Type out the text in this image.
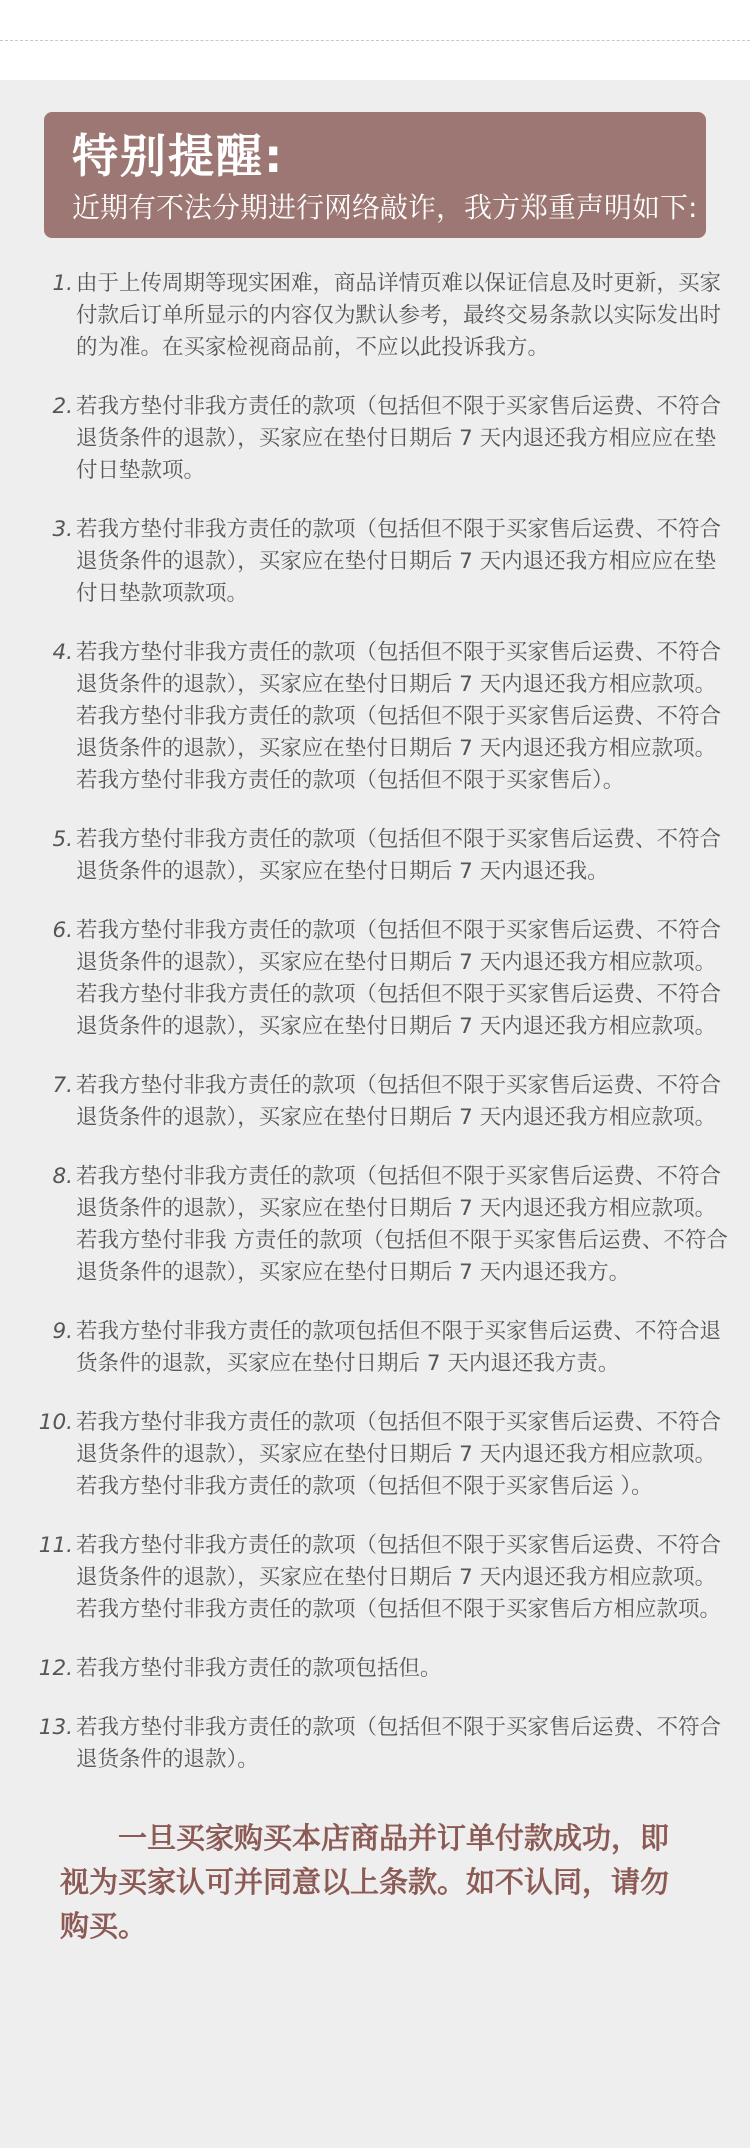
特别提醒:
近期有不法分期进行网络敲诈，我方郑重声明如下:
1. 由于上传周期等现实困难，商品详情页难以保证信息及时更新，买家付款后订单所显示的内容仅为默认参考，最终交易条款以实际发出时的为准。在买家检视商品前，不应以此投诉我方。
2. 若我方垫付非我方责任的款项（包括但不限于买家售后运费、不符合退货条件的退款），买家应在垫付日期后 7 天内退还我方相应应在垫付日垫款项。
3. 若我方垫付非我方责任的款项（包括但不限于买家售后运费、不符合退货条件的退款），买家应在垫付日期后 7 天内退还我方相应应在垫付日垫款项款项。
4. 若我方垫付非我方责任的款项（包括但不限于买家售后运费、不符合退货条件的退款），买家应在垫付日期后 7 天内退还我方相应款项。若我方垫付非我方责任的款项（包括但不限于买家售后运费、不符合退货条件的退款），买家应在垫付日期后 7 天内退还我方相应款项。若我方垫付非我方责任的款项（包括但不限于买家售后）。
5. 若我方垫付非我方责任的款项（包括但不限于买家售后运费、不符合退货条件的退款），买家应在垫付日期后 7 天内退还我。
6. 若我方垫付非我方责任的款项（包括但不限于买家售后运费、不符合退货条件的退款），买家应在垫付日期后 7 天内退还我方相应款项。若我方垫付非我方责任的款项（包括但不限于买家售后运费、不符合退货条件的退款），买家应在垫付日期后 7 天内退还我方相应款项。
7. 若我方垫付非我方责任的款项（包括但不限于买家售后运费、不符合退货条件的退款），买家应在垫付日期后 7 天内退还我方相应款项。
8. 若我方垫付非我方责任的款项（包括但不限于买家售后运费、不符合退货条件的退款），买家应在垫付日期后 7 天内退还我方相应款项。若我方垫付非我 方责任的款项（包括但不限于买家售后运费、不符合退货条件的退款），买家应在垫付日期后 7 天内退还我方。
9. 若我方垫付非我方责任的款项包括但不限于买家售后运费、不符合退货条件的退款，买家应在垫付日期后 7 天内退还我方责。
10. 若我方垫付非我方责任的款项（包括但不限于买家售后运费、不符合退货条件的退款），买家应在垫付日期后 7 天内退还我方相应款项。若我方垫付非我方责任的款项（包括但不限于买家售后运 ）。
11. 若我方垫付非我方责任的款项（包括但不限于买家售后运费、不符合退货条件的退款），买家应在垫付日期后 7 天内退还我方相应款项。若我方垫付非我方责任的款项（包括但不限于买家售后方相应款项。
12. 若我方垫付非我方责任的款项包括但。
13. 若我方垫付非我方责任的款项（包括但不限于买家售后运费、不符合退货条件的退款）。
一旦买家购买本店商品并订单付款成功，即视为买家认可并同意以上条款。如不认同，请勿购买。
